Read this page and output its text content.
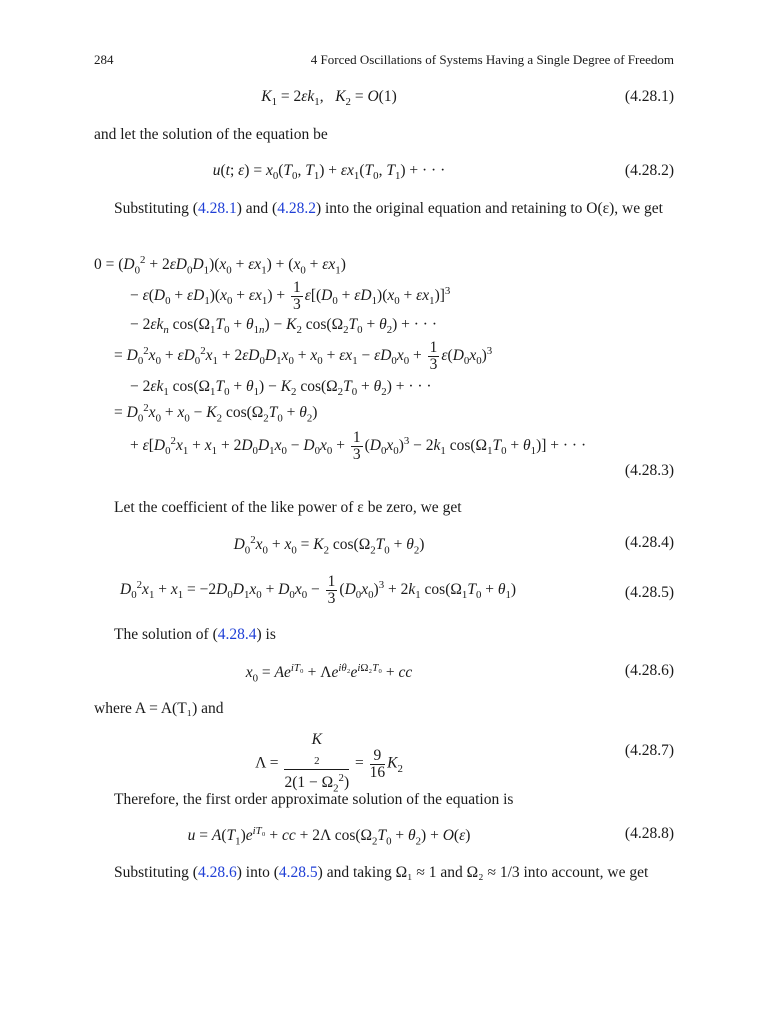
284	4 Forced Oscillations of Systems Having a Single Degree of Freedom
$K_1 = 2\varepsilon k_1$,   $K_2 = O(1)$	(4.28.1)
and let the solution of the equation be
u(t; $\varepsilon) = x_0(T_0$, $T_1) + \varepsilon x_1(T_0$, $T_1$) + · · ·	(4.28.2)
Substituting (4.28.1) and (4.28.2) into the original equation and retaining to O(ε), we get
$0 = (D_0^2 + 2\varepsilon D_0D_1)(x_0 + \varepsilon x_1) + (x_0 + \varepsilon x_1)$
− $\varepsilon(D_0 + \varepsilon D_1)(x_0 + \varepsilon x_1) + \frac{1}{3} \varepsilon[(D_0 + \varepsilon D_1)(x_0 + \varepsilon x_1)]^3$
− $2\varepsilon k_n$ $\cos(\Omega_1T_0 + \theta_{1n}) - K_2$ $\cos(\Omega_2T_0 + \theta_2)$ + · · ·
= $D_0^2x_0 + \varepsilon D_0^2x_1 + 2\varepsilon D_0D_1x_0 + x_0 + \varepsilon x_1 - \varepsilon D_0x_0 + \frac{1}{3} \varepsilon(D_0x_0)^3$
− $2\varepsilon k_1$ $\cos(\Omega_1T_0 + \theta_1) - K_2$ $\cos(\Omega_2T_0 + \theta_2)$ + · · ·
= $D_0^2x_0 + x_0 - K_2$ $\cos(\Omega_2T_0 + \theta_2)$
+ $\varepsilon[D_0^2x_1 + x_1 + 2D_0D_1x_0 - D_0x_0 + \frac{1}{3} (D_0x_0)^3 - 2k_1$ $\cos(\Omega_1T_0 + \theta_1)$] + · · ·
(4.28.3)
Let the coefficient of the like power of ε be zero, we get
$D_0^2x_0 + x_0 = K_2$ $\cos(\Omega_2T_0 + \theta_2)$	(4.28.4)
$D_0^2x_1 + x_1 = -2D_0D_1x_0 + D_0x_0 - \frac{1}{3} (D_0x_0)^3 + 2k_1$ $\cos(\Omega_1T_0 + \theta_1)$	(4.28.5)
The solution of (4.28.4) is
$x_0 = Ae^{iT_0} + \Lambda e^{i\theta_2}e^{i\Omega_2T_0}$ + cc	(4.28.6)
where A = A(T₁) and
Λ = K
$_2$
$2(1 - \Omega_2^2) = \frac{9}{16} K_2$
(4.28.7)
Therefore, the first order approximate solution of the equation is
$u = A(T_1)e^{iT_0}$ + cc + 2Λ $\cos(\Omega_2T_0 + \theta_2) + O(\varepsilon)$	(4.28.8)
Substituting (4.28.6) into (4.28.5) and taking Ω₁ ≈ 1 and Ω₂ ≈ 1/3 into account, we get
